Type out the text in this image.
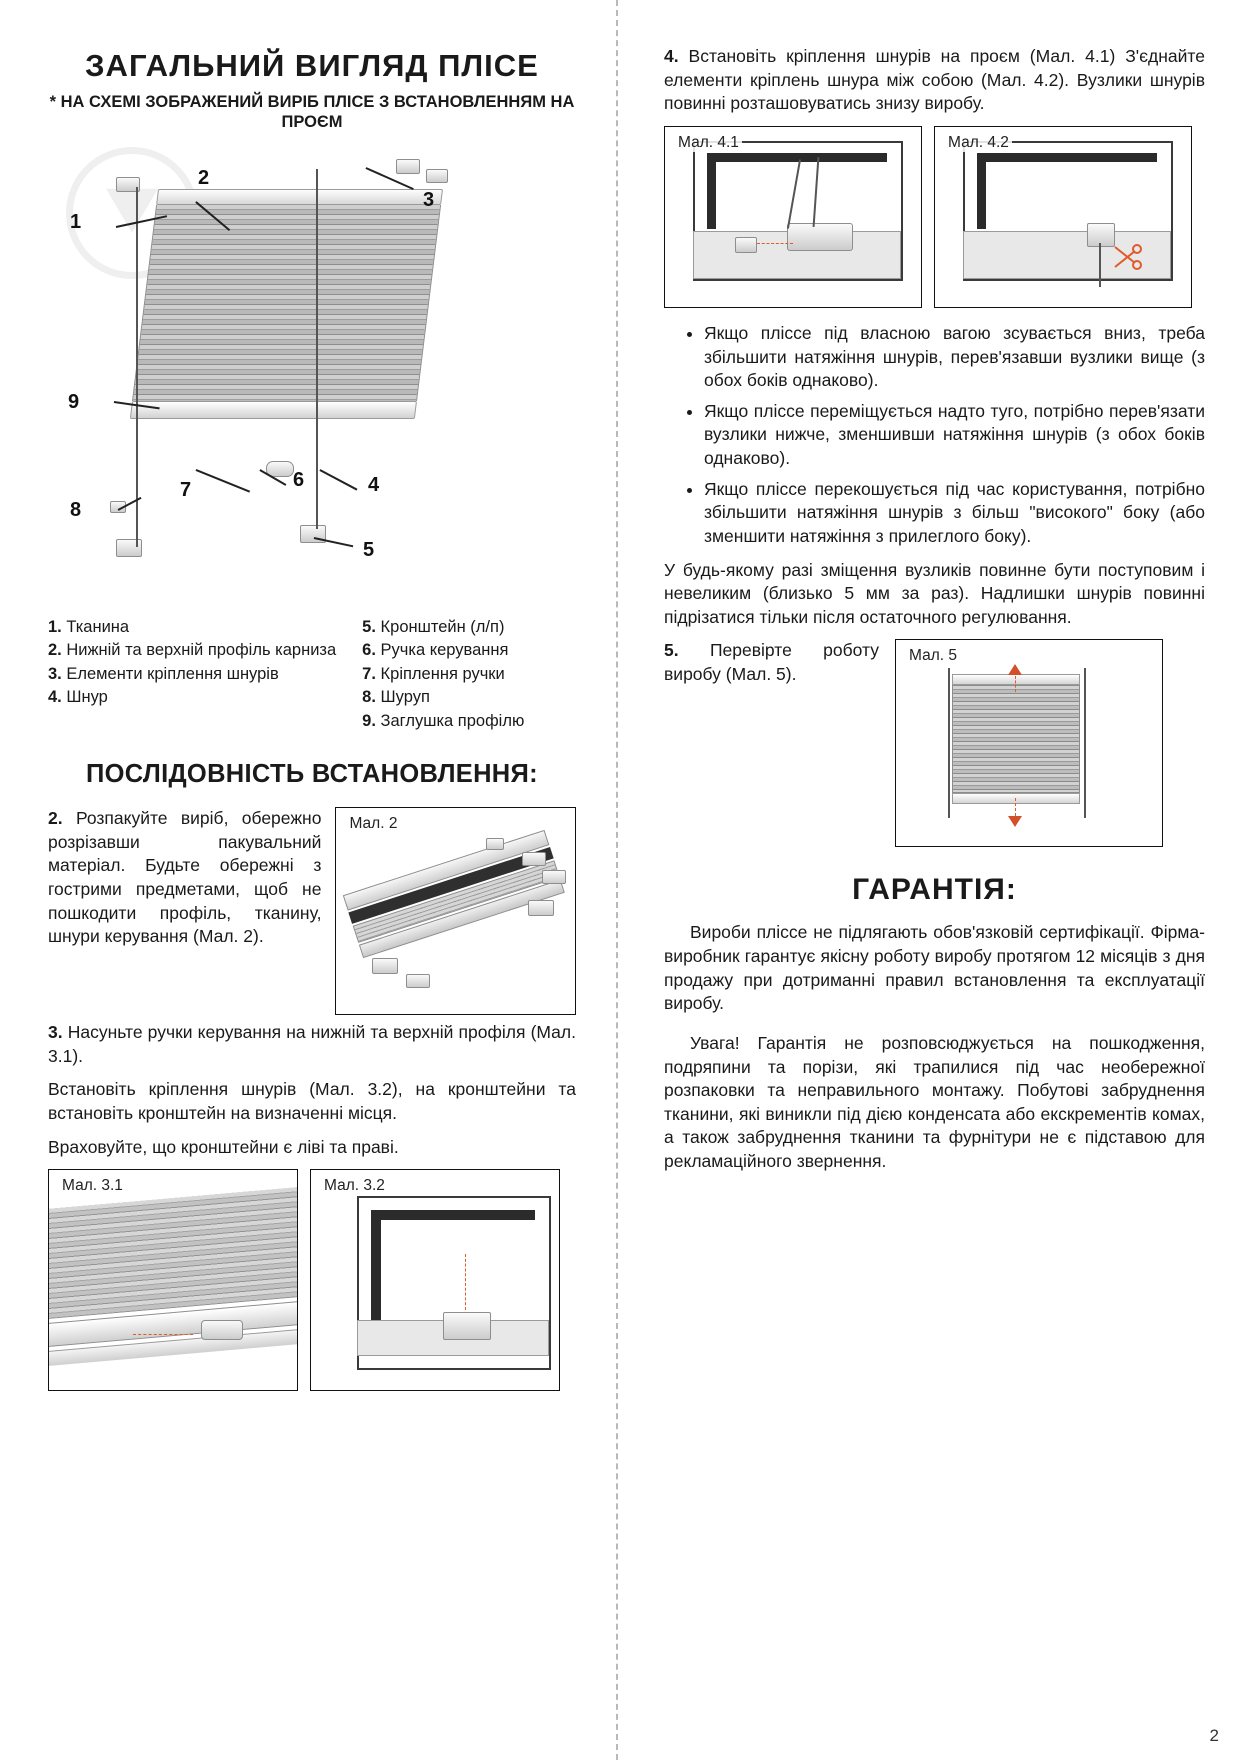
ЗАГАЛЬНИЙ ВИГЛЯД ПЛІСЕ
* НА СХЕМІ ЗОБРАЖЕНИЙ ВИРІБ ПЛІСЕ З ВСТАНОВЛЕННЯМ НА ПРОЄМ
1
2
3
4
5
6
7
8
9
1. Тканина
2. Нижній та верхній профіль карниза
3. Елементи кріплення шнурів
4. Шнур
5. Кронштейн (л/п)
6. Ручка керування
7. Кріплення ручки
8. Шуруп
9. Заглушка профілю
ПОСЛІДОВНІСТЬ ВСТАНОВЛЕННЯ:

2. Розпакуйте виріб, обережно розрізавши пакувальний матеріал. Будьте обережні з гострими предметами, щоб не пошкодити профіль, тканину, шнури керування (Мал. 2).

Мал. 2

3. Насуньте ручки керування на нижній та верхній профіля (Мал. 3.1).

Встановіть кріплення шнурів (Мал. 3.2), на кронштейни та встановіть кронштейн на визначенні місця.

Враховуйте, що кронштейни є ліві та праві.

Мал. 3.1	Мал. 3.2

4. Встановіть кріплення шнурів на проєм (Мал. 4.1) З'єднайте елементи кріплень шнура між собою (Мал. 4.2). Вузлики шнурів повинні розташовуватись знизу виробу.

Мал. 4.1	Мал. 4.2
• Якщо пліссе під власною вагою зсувається вниз, треба збільшити натяжіння шнурів, перев'язавши вузлики вище (з обох боків однаково).
• Якщо пліссе переміщується надто туго, потрібно перев'язати вузлики нижче, зменшивши натяжіння шнурів (з обох боків однаково).
• Якщо пліссе перекошується під час користування, потрібно збільшити натяжіння шнурів з більш "високого" боку (або зменшити натяжіння з прилеглого боку).

У будь-якому разі зміщення вузликів повинне бути поступовим і невеликим (близько 5 мм за раз). Надлишки шнурів повинні підрізатися тільки після остаточного регулювання.

5. Перевірте роботу виробу (Мал. 5).

Мал. 5
ГАРАНТІЯ:

Вироби пліссе не підлягають обов'язковій сертифікації. Фірма-виробник гарантує якісну роботу виробу протягом 12 місяців з дня продажу при дотриманні правил встановлення та експлуатації виробу.

Увага! Гарантія не розповсюджується на пошкодження, подряпини та порізи, які трапилися під час необережної розпаковки та неправильного монтажу. Побутові забруднення тканини, які виникли під дією конденсата або екскрементів комах, а також забруднення тканини та фурнітури не є підставою для рекламаційного звернення.

2
